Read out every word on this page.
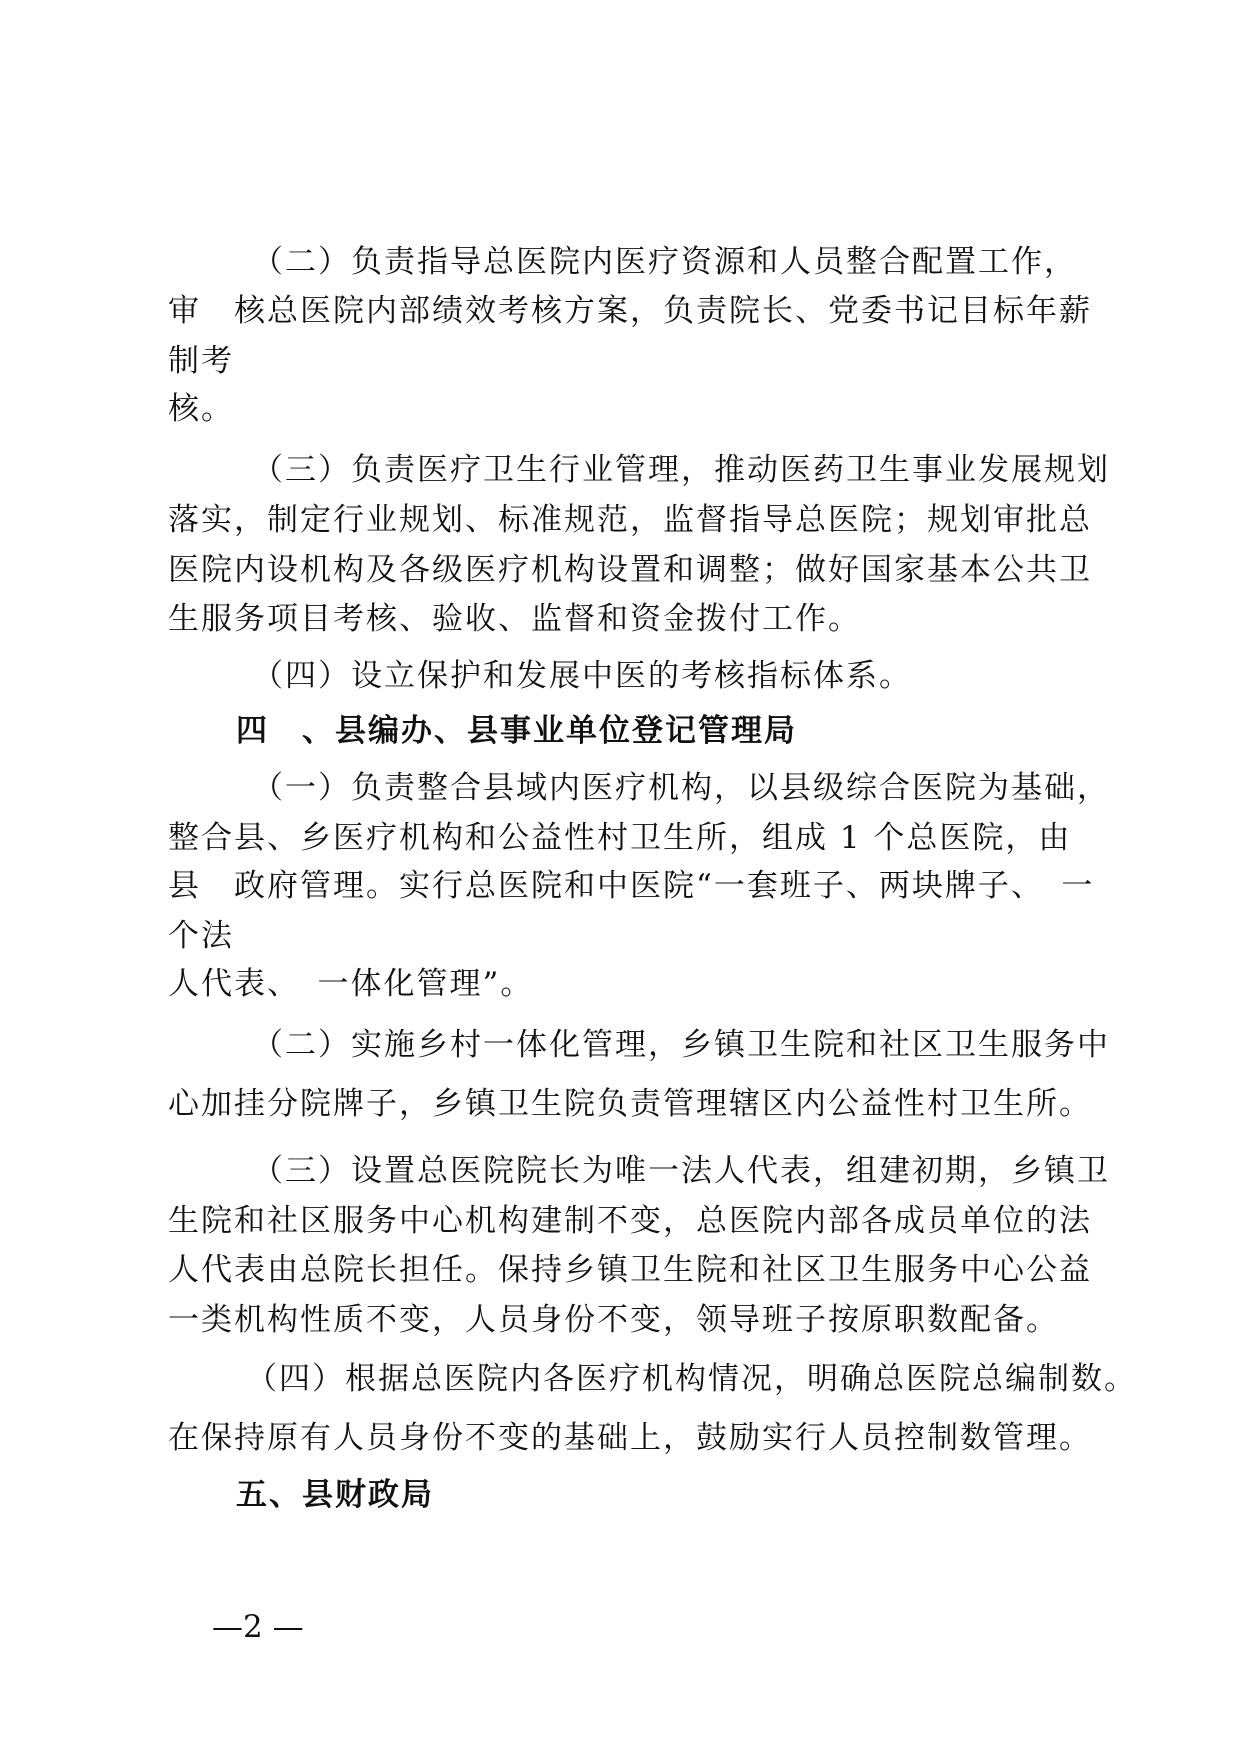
（二）负责指导总医院内医疗资源和人员整合配置工作，
审　核总医院内部绩效考核方案，负责院长、党委书记目标年薪
制考
核。
（三）负责医疗卫生行业管理，推动医药卫生事业发展规划
落实，制定行业规划、标准规范，监督指导总医院；规划审批总
医院内设机构及各级医疗机构设置和调整；做好国家基本公共卫
生服务项目考核、验收、监督和资金拨付工作。
（四）设立保护和发展中医的考核指标体系。
四　、县编办、县事业单位登记管理局
（一）负责整合县域内医疗机构，以县级综合医院为基础，
整合县、乡医疗机构和公益性村卫生所，组成 1 个总医院，由
县　政府管理。实行总医院和中医院“一套班子、两块牌子、　一
个法
人代表、　一体化管理”。
（二）实施乡村一体化管理，乡镇卫生院和社区卫生服务中
心加挂分院牌子，乡镇卫生院负责管理辖区内公益性村卫生所。
（三）设置总医院院长为唯一法人代表，组建初期，乡镇卫
生院和社区服务中心机构建制不变，总医院内部各成员单位的法
人代表由总院长担任。保持乡镇卫生院和社区卫生服务中心公益
一类机构性质不变，人员身份不变，领导班子按原职数配备。
（四）根据总医院内各医疗机构情况，明确总医院总编制数。
在保持原有人员身份不变的基础上，鼓励实行人员控制数管理。
五、县财政局
—2 —
